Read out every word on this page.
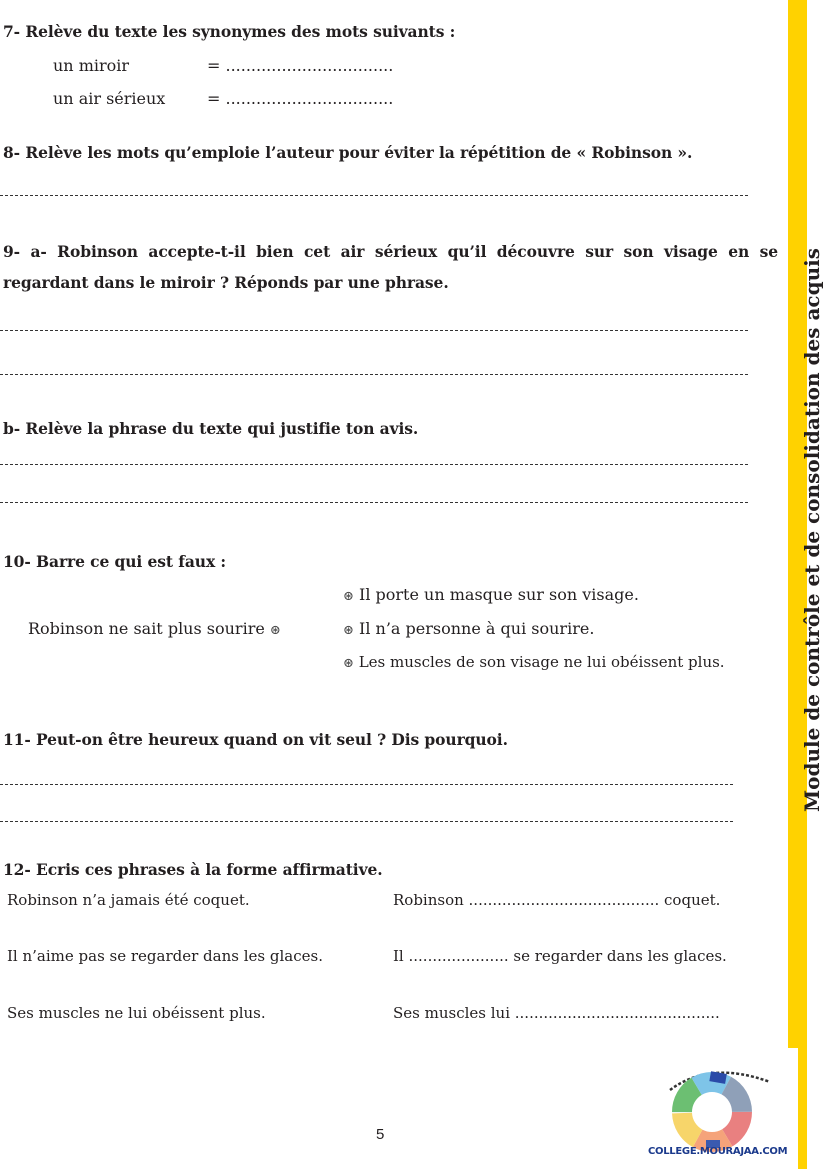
Module de contrôle et de consolidation des acquis
7- Relève du texte les synonymes des mots suivants :
un miroir	= .................................
un air sérieux	= .................................
8- Relève les mots qu’emploie l’auteur pour éviter la répétition de « Robinson ».
9- a- Robinson accepte-t-il bien cet air sérieux qu’il découvre sur son visage en se
regardant dans le miroir ? Réponds par une phrase.
b- Relève la phrase du texte qui justifie ton avis.
10- Barre ce qui est faux :
Robinson ne sait plus sourire ⊛
⊛ Il porte un masque sur son visage.
⊛ Il n’a personne à qui sourire.
⊛ Les muscles de son visage ne lui obéissent plus.
11- Peut-on être heureux quand on vit seul ? Dis pourquoi.
12- Ecris ces phrases à la forme affirmative.
Robinson n’a jamais été coquet.	Robinson ........................................ coquet.
Il n’aime pas se regarder dans les glaces.	Il ..................... se regarder dans les glaces.
Ses muscles ne lui obéissent plus.	Ses muscles lui ...........................................
5
COLLEGE.MOURAJAA.COM
